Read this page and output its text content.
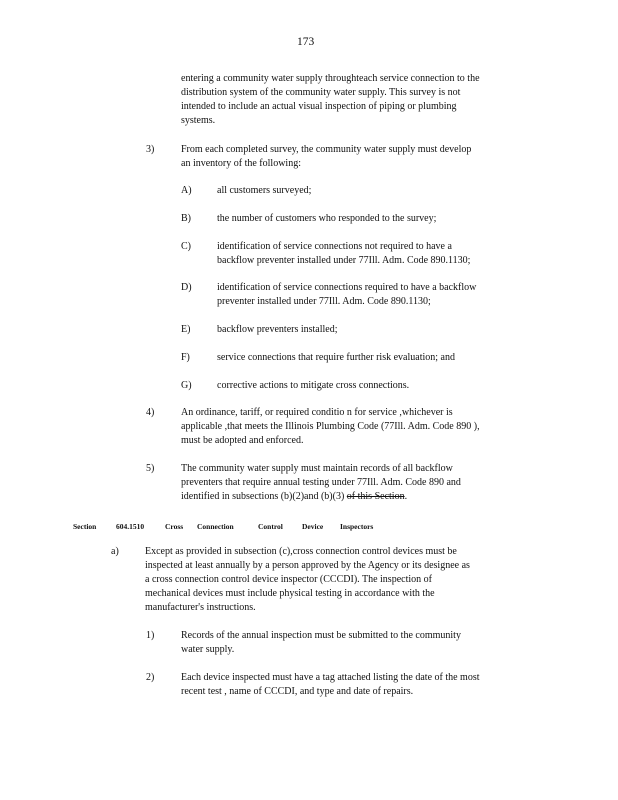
173
entering a community water supply throughteach service connection to the
distribution system of the community water supply. This survey is not
intended to include an actual visual inspection of piping or plumbing
systems.
3)	From each completed survey, the community water supply must develop
an inventory of the following:
A)	all customers surveyed;
B)	the number of customers who responded to the survey;
C)	identification of service connections not required to have a
backflow preventer installed under 77Ill. Adm. Code 890.1130;
D)	identification of service connections required to have a backflow
preventer installed under 77Ill. Adm. Code 890.1130;
E)	backflow preventers installed;
F)	service connections that require further risk evaluation; and
G)	corrective actions to mitigate cross connections.
4)	An ordinance, tariff, or required conditio n for service ,whichever is
applicable ,that meets the Illinois Plumbing Code (77Ill. Adm. Code 890 ),
must be adopted and enforced.
5)	The community water supply must maintain records of all backflow
preventers that require annual testing under 77Ill. Adm. Code 890 and
identified in subsections (b)(2)and (b)(3) of this Section.
Section	604.1510	Cross Connection	Control	Device Inspectors
a)	Except as provided in subsection (c),cross connection control devices must be
inspected at least annually by a person approved by the Agency or its designee as
a cross connection control device inspector (CCCDI). The inspection of
mechanical devices must include physical testing in accordance with the
manufacturer's instructions.
1)	Records of the annual inspection must be submitted to the community
water supply.
2)	Each device inspected must have a tag attached listing the date of the most
recent test , name of CCCDI, and type and date of repairs.
